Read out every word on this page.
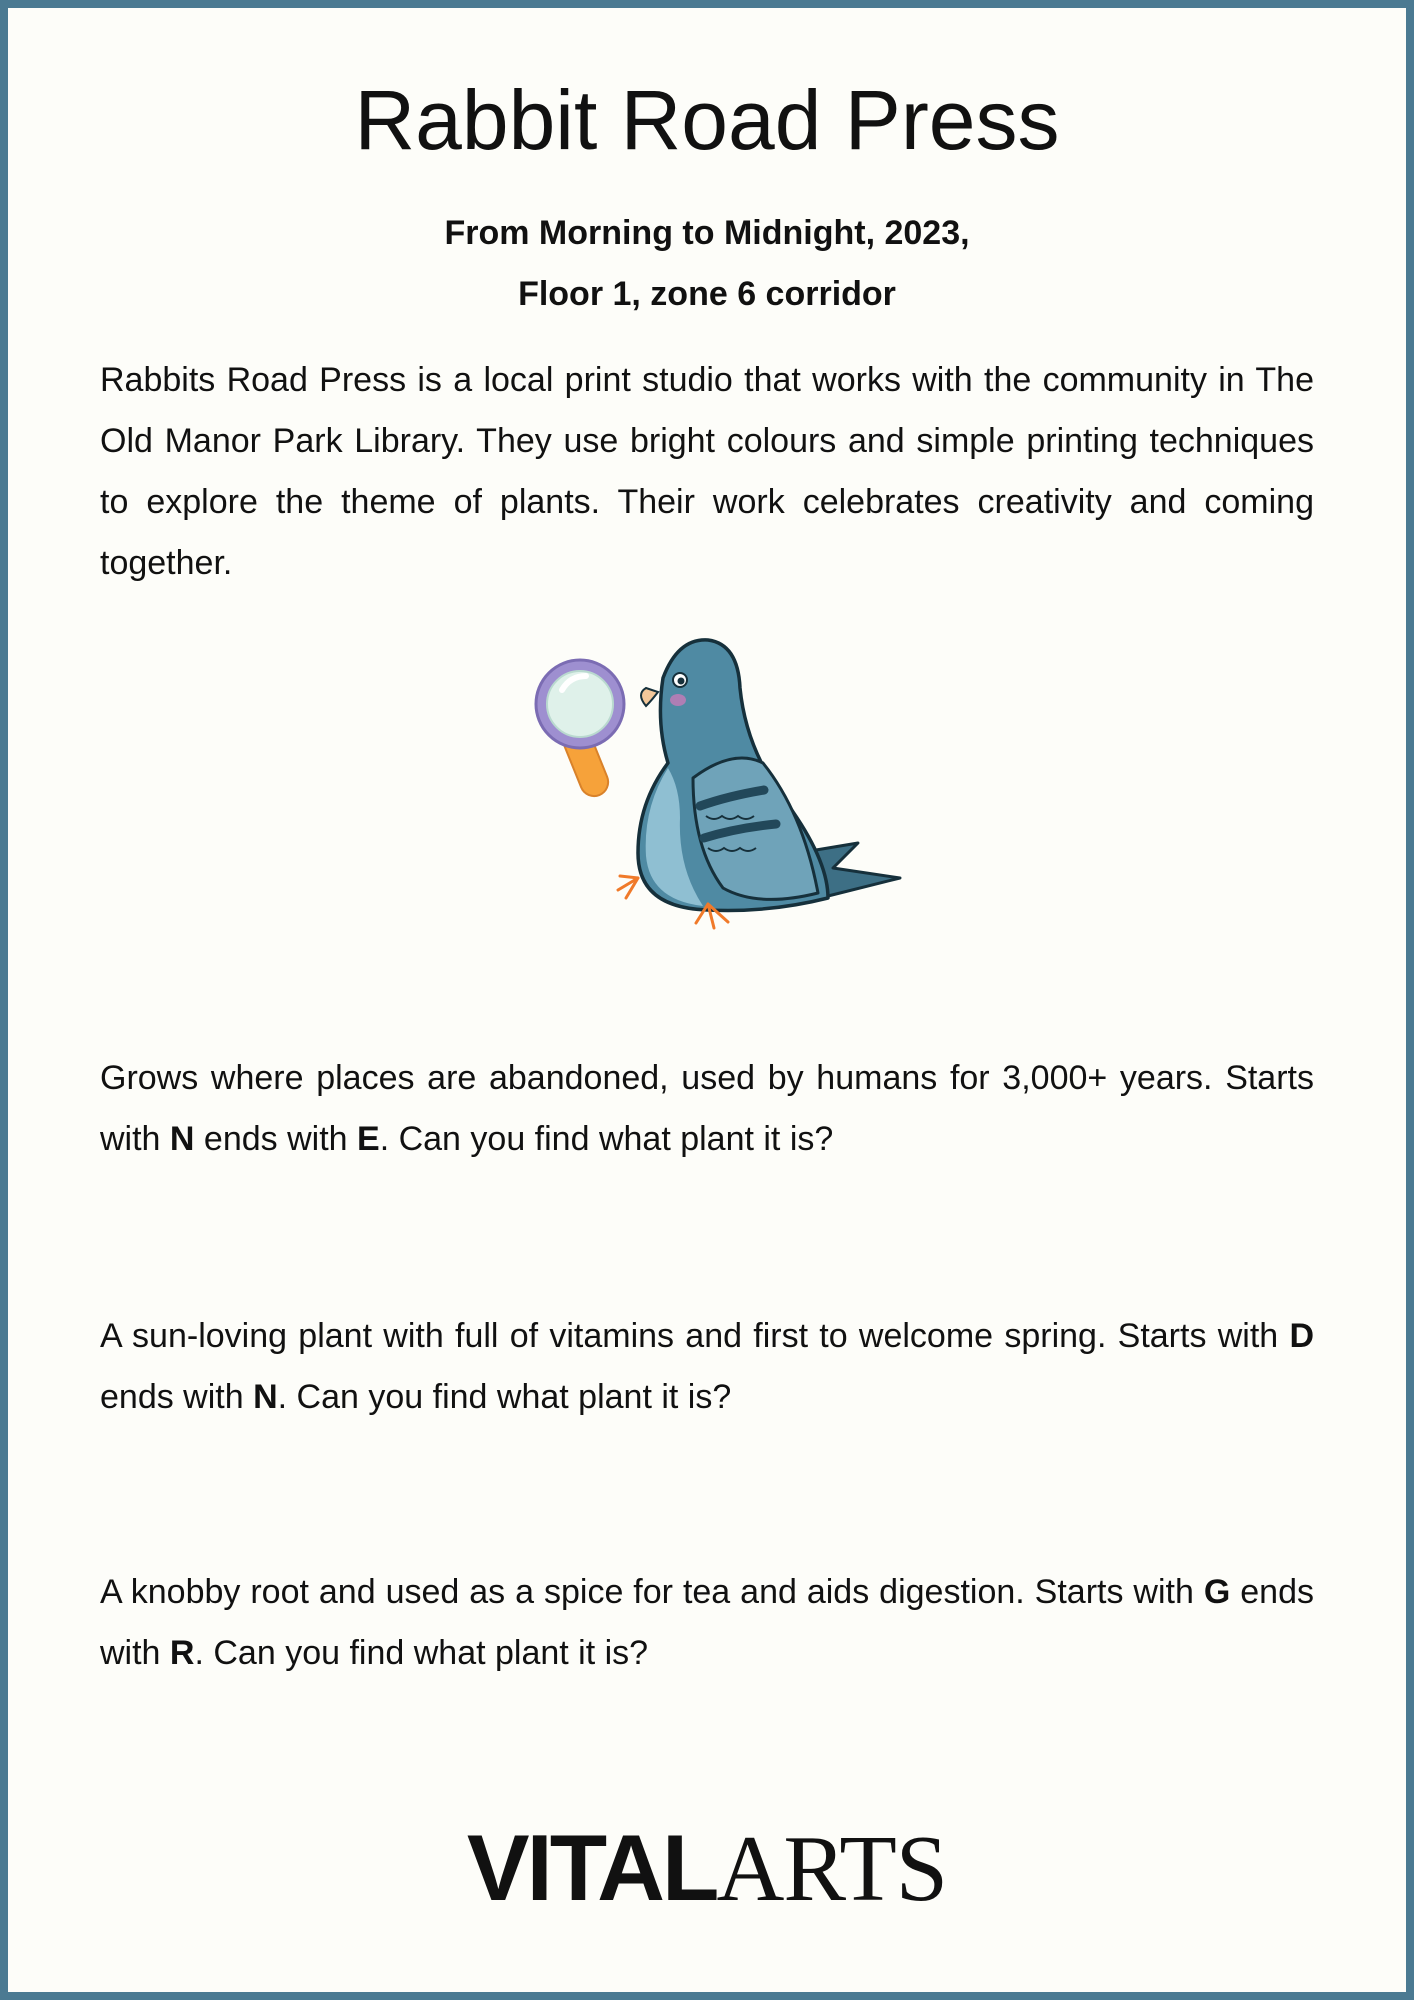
Rabbit Road Press
From Morning to Midnight, 2023,
Floor 1, zone 6 corridor
Rabbits Road Press is a local print studio that works with the community in The Old Manor Park Library. They use bright colours and simple printing techniques to explore the theme of plants. Their work celebrates creativity and coming together.
Grows where places are abandoned, used by humans for 3,000+ years. Starts with N ends with E. Can you find what plant it is?
A sun-loving plant with full of vitamins and first to welcome spring. Starts with D ends with N. Can you find what plant it is?
A knobby root and used as a spice for tea and aids digestion. Starts with G ends with R. Can you find what plant it is?
VITALARTS
